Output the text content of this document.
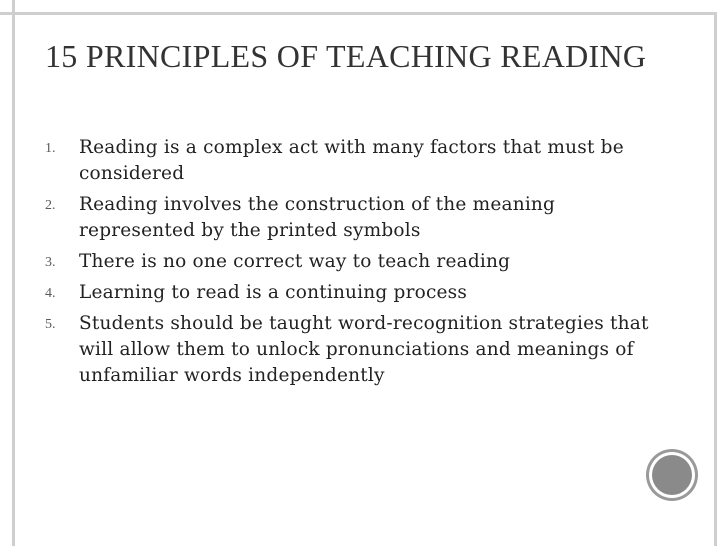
15 PRINCIPLES OF TEACHING READING
1. Reading is a complex act with many factors that must be considered
2. Reading involves the construction of the meaning represented by the printed symbols
3. There is no one correct way to teach reading
4. Learning to read is a continuing process
5. Students should be taught word-recognition strategies that will allow them to unlock pronunciations and meanings of unfamiliar words independently
